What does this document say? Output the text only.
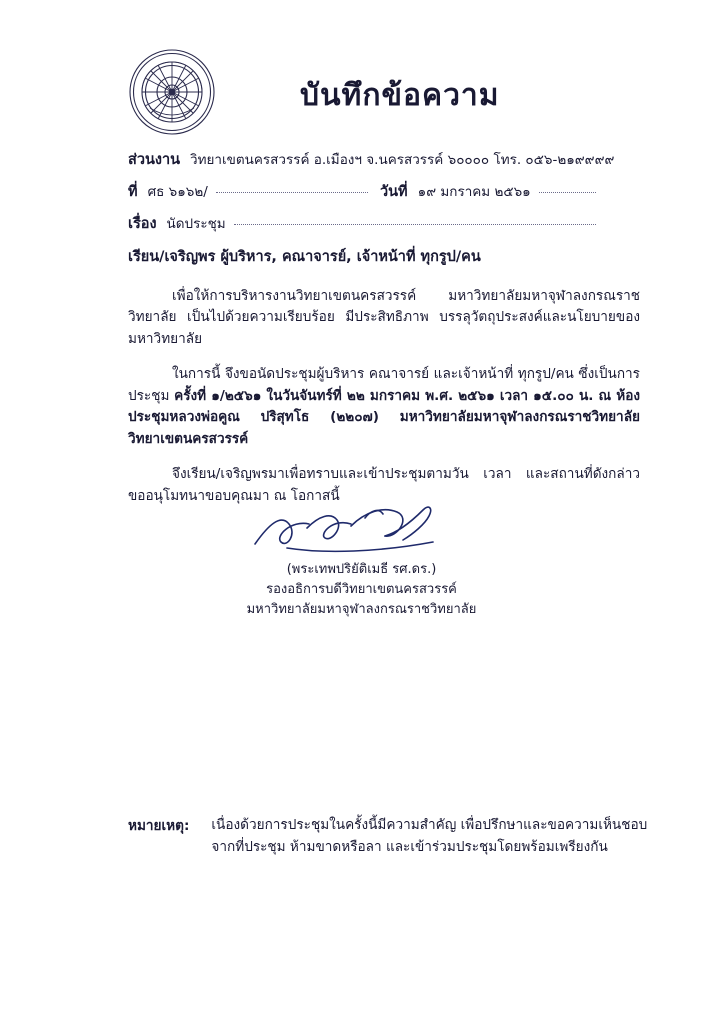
บันทึกข้อความ
ส่วนงาน วิทยาเขตนครสวรรค์ อ.เมืองฯ จ.นครสวรรค์ ๖๐๐๐๐ โทร. ๐๕๖-๒๑๙๙๙๙
ที่ ศธ ๖๑๖๒/	วันที่ ๑๙ มกราคม ๒๕๖๑
เรื่อง นัดประชุม
เรียน/เจริญพร ผู้บริหาร, คณาจารย์, เจ้าหน้าที่ ทุกรูป/คน

เพื่อให้การบริหารงานวิทยาเขตนครสวรรค์ มหาวิทยาลัยมหาจุฬาลงกรณราชวิทยาลัย เป็นไปด้วยความเรียบร้อย มีประสิทธิภาพ บรรลุวัตถุประสงค์และนโยบายของมหาวิทยาลัย

ในการนี้ จึงขอนัดประชุมผู้บริหาร คณาจารย์ และเจ้าหน้าที่ ทุกรูป/คน ซึ่งเป็นการประชุม ครั้งที่ ๑/๒๕๖๑ ในวันจันทร์ที่ ๒๒ มกราคม พ.ศ. ๒๕๖๑ เวลา ๑๕.๐๐ น. ณ ห้องประชุมหลวงพ่อคูณ ปริสุทโธ (๒๒๐๗) มหาวิทยาลัยมหาจุฬาลงกรณราชวิทยาลัย วิทยาเขตนครสวรรค์

จึงเรียน/เจริญพรมาเพื่อทราบและเข้าประชุมตามวัน เวลา และสถานที่ดังกล่าว ขออนุโมทนาขอบคุณมา ณ โอกาสนี้

(พระเทพปริยัติเมธี รศ.ดร.)
รองอธิการบดีวิทยาเขตนครสวรรค์
มหาวิทยาลัยมหาจุฬาลงกรณราชวิทยาลัย
หมายเหตุ: เนื่องด้วยการประชุมในครั้งนี้มีความสำคัญ เพื่อปรึกษาและขอความเห็นชอบ
จากที่ประชุม ห้ามขาดหรือลา และเข้าร่วมประชุมโดยพร้อมเพรียงกัน
